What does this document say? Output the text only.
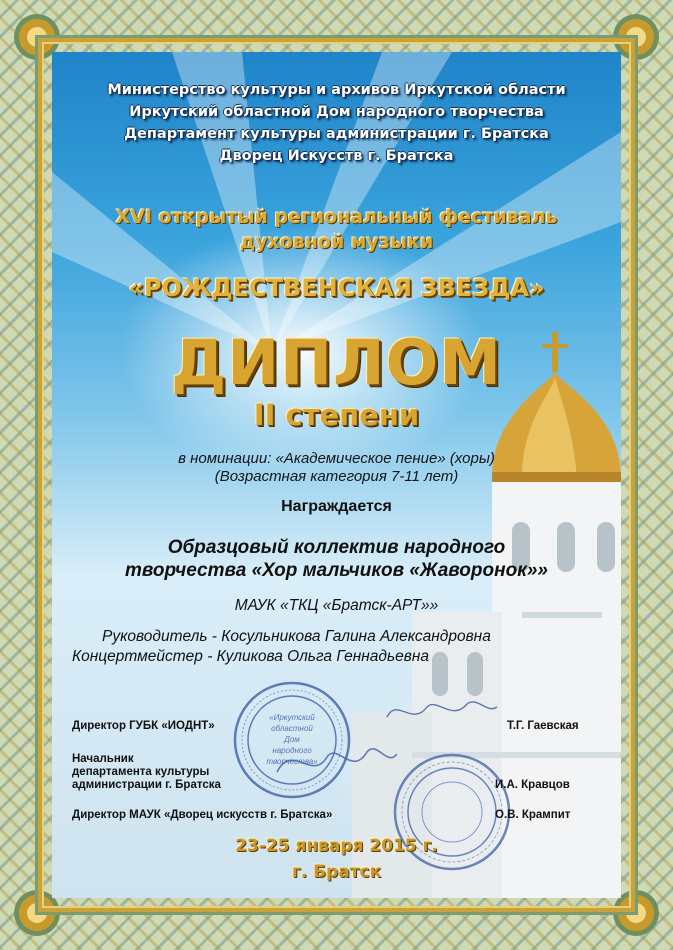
Министерство культуры и архивов Иркутской области
Иркутский областной Дом народного творчества
Департамент культуры администрации г. Братска
Дворец Искусств г. Братска
XVI открытый региональный фестиваль
духовной музыки
«РОЖДЕСТВЕНСКАЯ ЗВЕЗДА»
ДИПЛОМ
II степени
в номинации: «Академическое пение» (хоры)
(Возрастная категория 7-11 лет)
Награждается
Образцовый коллектив народного
творчества «Хор мальчиков «Жаворонок»»
МАУК «ТКЦ «Братск-АРТ»»
Руководитель - Косульникова Галина Александровна
Концертмейстер - Куликова Ольга Геннадьевна
«Иркутский
областной
Дом
народного
творчества»
Директор ГУБК «ИОДНТ»	Т.Г. Гаевская
Начальник
департамента культуры
администрации г. Братска	И.А. Кравцов
Директор МАУК «Дворец искусств г. Братска»	О.В. Крампит
23-25 января 2015 г.
г. Братск
